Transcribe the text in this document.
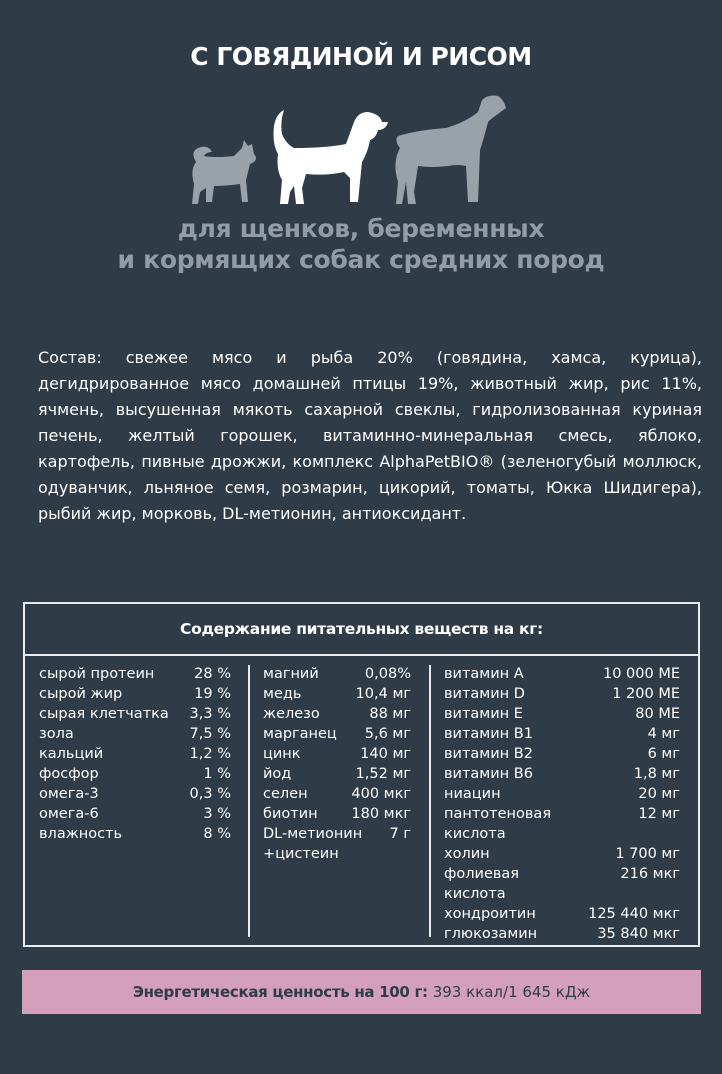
С ГОВЯДИНОЙ И РИСОМ
для щенков, беременных
и кормящих собак средних пород
Состав: свежее мясо и рыба 20% (говядина, хамса, курица), дегидрированное мясо домашней птицы 19%, животный жир, рис 11%, ячмень, высушенная мякоть сахарной свеклы, гидролизованная куриная печень, желтый горошек, витаминно-минеральная смесь, яблоко, картофель, пивные дрожжи, комплекс AlphaPetBIO® (зеленогубый моллюск, одуванчик, льняное семя, розмарин, цикорий, томаты, Юкка Шидигера), рыбий жир, морковь, DL-метионин, антиоксидант.
Содержание питательных веществ на кг:
сырой протеин	28 %
сырой жир	19 %
сырая клетчатка 3,3 %
зола	7,5 %
кальций	1,2 %
фосфор	1 %
омега-3	0,3 %
омега-6	3 %
влажность	8 %
магний	0,08%
медь	10,4 мг
железо	88 мг
марганец 5,6 мг
цинк	140 мг
йод	1,52 мг
селен	400 мкг
биотин 180 мкг
DL-метионин 7 г
+цистеин
витамин A	10 000 МЕ
витамин D	1 200 МЕ
витамин E	80 МЕ
витамин B1	4 мг
витамин B2	6 мг
витамин B6	1,8 мг
ниацин	20 мг
пантотеновая	12 мг
кислота
холин	1 700 мг
фолиевая	216 мкг
кислота
хондроитин	125 440 мкг
глюкозамин	35 840 мкг
Энергетическая ценность на 100 г: 393 ккал/1 645 кДж
